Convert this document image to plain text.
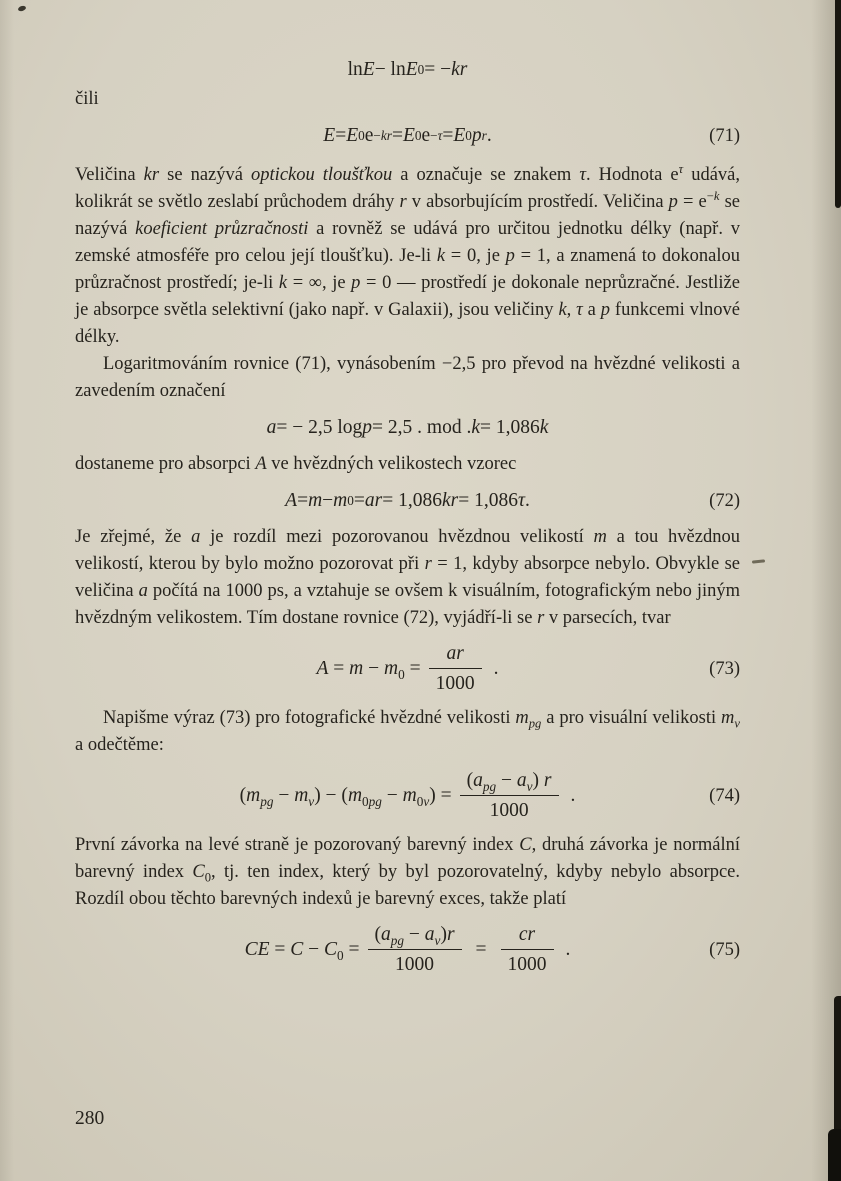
ln E − ln E 0 = − kr

čili

E = E 0 e −kr = E 0 e −τ = E 0 p r .	(71)

Veličina kr se nazývá optickou tloušťkou a označuje se znakem τ. Hodnota $e^\tau$ udává, kolikrát se světlo zeslabí průchodem dráhy r v absorbujícím prostředí. Veličina $p = e^{-k}$ se nazývá koeficient průzračnosti a rovněž se udává pro určitou jednotku délky (např. v zemské atmosféře pro celou její tloušťku). Je-li k = 0, je p = 1, a znamená to dokonalou průzračnost prostředí; je-li k = ∞, je p = 0 — prostředí je dokonale neprůzračné. Jestliže je absorpce světla selektivní (jako např. v Galaxii), jsou veličiny k, τ a p funkcemi vlnové délky.

Logaritmováním rovnice (71), vynásobením −2,5 pro převod na hvězdné velikosti a zavedením označení

a = − 2,5 log p = 2,5 . mod . k = 1,086 k

dostaneme pro absorpci A ve hvězdných velikostech vzorec

A = m − m 0 = ar = 1,086 kr = 1,086 τ .	(72)

Je zřejmé, že a je rozdíl mezi pozorovanou hvězdnou velikostí m a tou hvězdnou velikostí, kterou by bylo možno pozorovat při r = 1, kdyby absorpce nebylo. Obvykle se veličina a počítá na 1000 ps, a vztahuje se ovšem k visuálním, fotografickým nebo jiným hvězdným velikostem. Tím dostane rovnice (72), vyjádří-li se r v parsecích, tvar

$A = m - m_0 = \frac{ar}{1000}$ .	(73)

Napišme výraz (73) pro fotografické hvězdné velikosti $m_{pg}$ a pro visuální velikosti $m_v$ a odečtěme:

$(m_{pg} - m_v) - (m_{0pg} - m_{0v}) = \frac{(a_{pg} - a_v) r}{1000}$ .	(74)

První závorka na levé straně je pozorovaný barevný index C, druhá závorka je normální barevný index $C_0$, tj. ten index, který by byl pozorovatelný, kdyby nebylo absorpce. Rozdíl obou těchto barevných indexů je barevný exces, takže platí

CE = $C - C_0 = \frac{(a_{pg} - a_v)r}{1000} = \frac{cr}{1000}$ .	(75)
280
